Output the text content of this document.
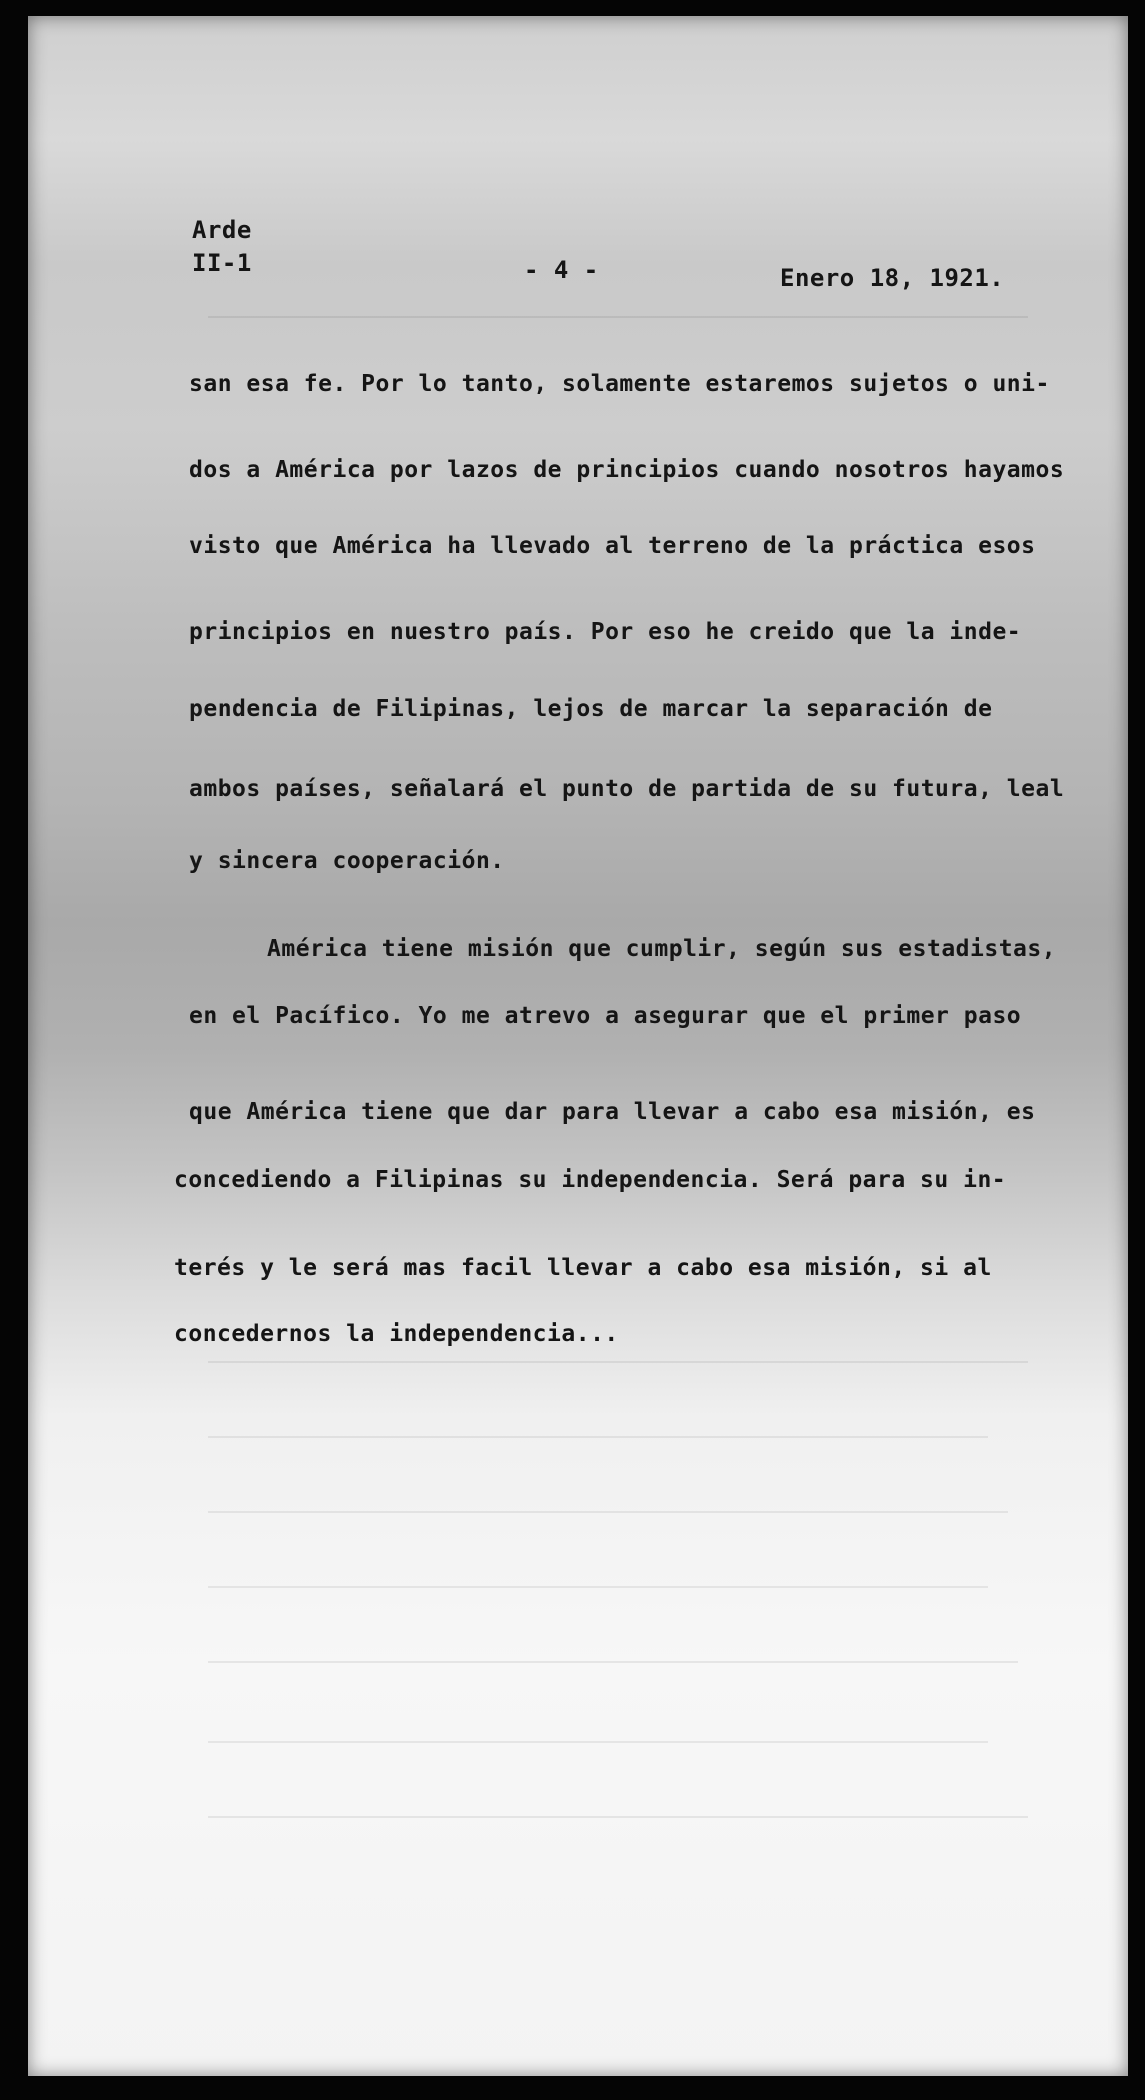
Arde
II-1	- 4 -	Enero 18, 1921.
san esa fe. Por lo tanto, solamente estaremos sujetos o uni-
dos a América por lazos de principios cuando nosotros hayamos
visto que América ha llevado al terreno de la práctica esos
principios en nuestro país. Por eso he creido que la inde-
pendencia de Filipinas, lejos de marcar la separación de
ambos países, señalará el punto de partida de su futura, leal
y sincera cooperación.
América tiene misión que cumplir, según sus estadistas,
en el Pacífico. Yo me atrevo a asegurar que el primer paso
que América tiene que dar para llevar a cabo esa misión, es
concediendo a Filipinas su independencia. Será para su in-
terés y le será mas facil llevar a cabo esa misión, si al
concedernos la independencia...
